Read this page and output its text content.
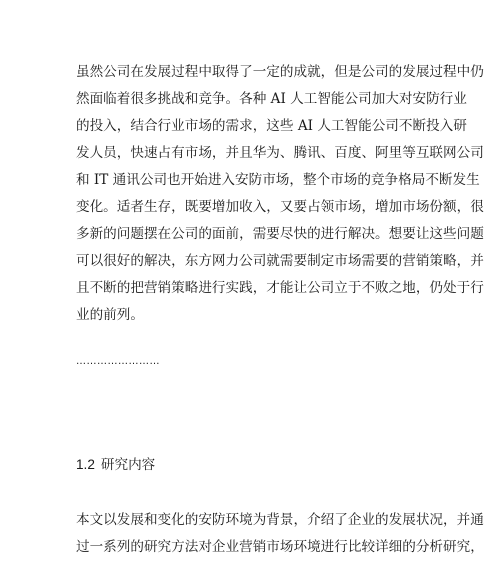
虽然公司在发展过程中取得了一定的成就，但是公司的发展过程中仍
然面临着很多挑战和竞争。各种 AI 人工智能公司加大对安防行业
的投入，结合行业市场的需求，这些 AI 人工智能公司不断投入研
发人员，快速占有市场，并且华为、腾讯、百度、阿里等互联网公司
和 IT 通讯公司也开始进入安防市场，整个市场的竞争格局不断发生
变化。适者生存，既要增加收入，又要占领市场，增加市场份额，很
多新的问题摆在公司的面前，需要尽快的进行解决。想要让这些问题
可以很好的解决，东方网力公司就需要制定市场需要的营销策略，并
且不断的把营销策略进行实践，才能让公司立于不败之地，仍处于行
业的前列。
……………………
1.2 研究内容
本文以发展和变化的安防环境为背景，介绍了企业的发展状况，并通
过一系列的研究方法对企业营销市场环境进行比较详细的分析研究，
